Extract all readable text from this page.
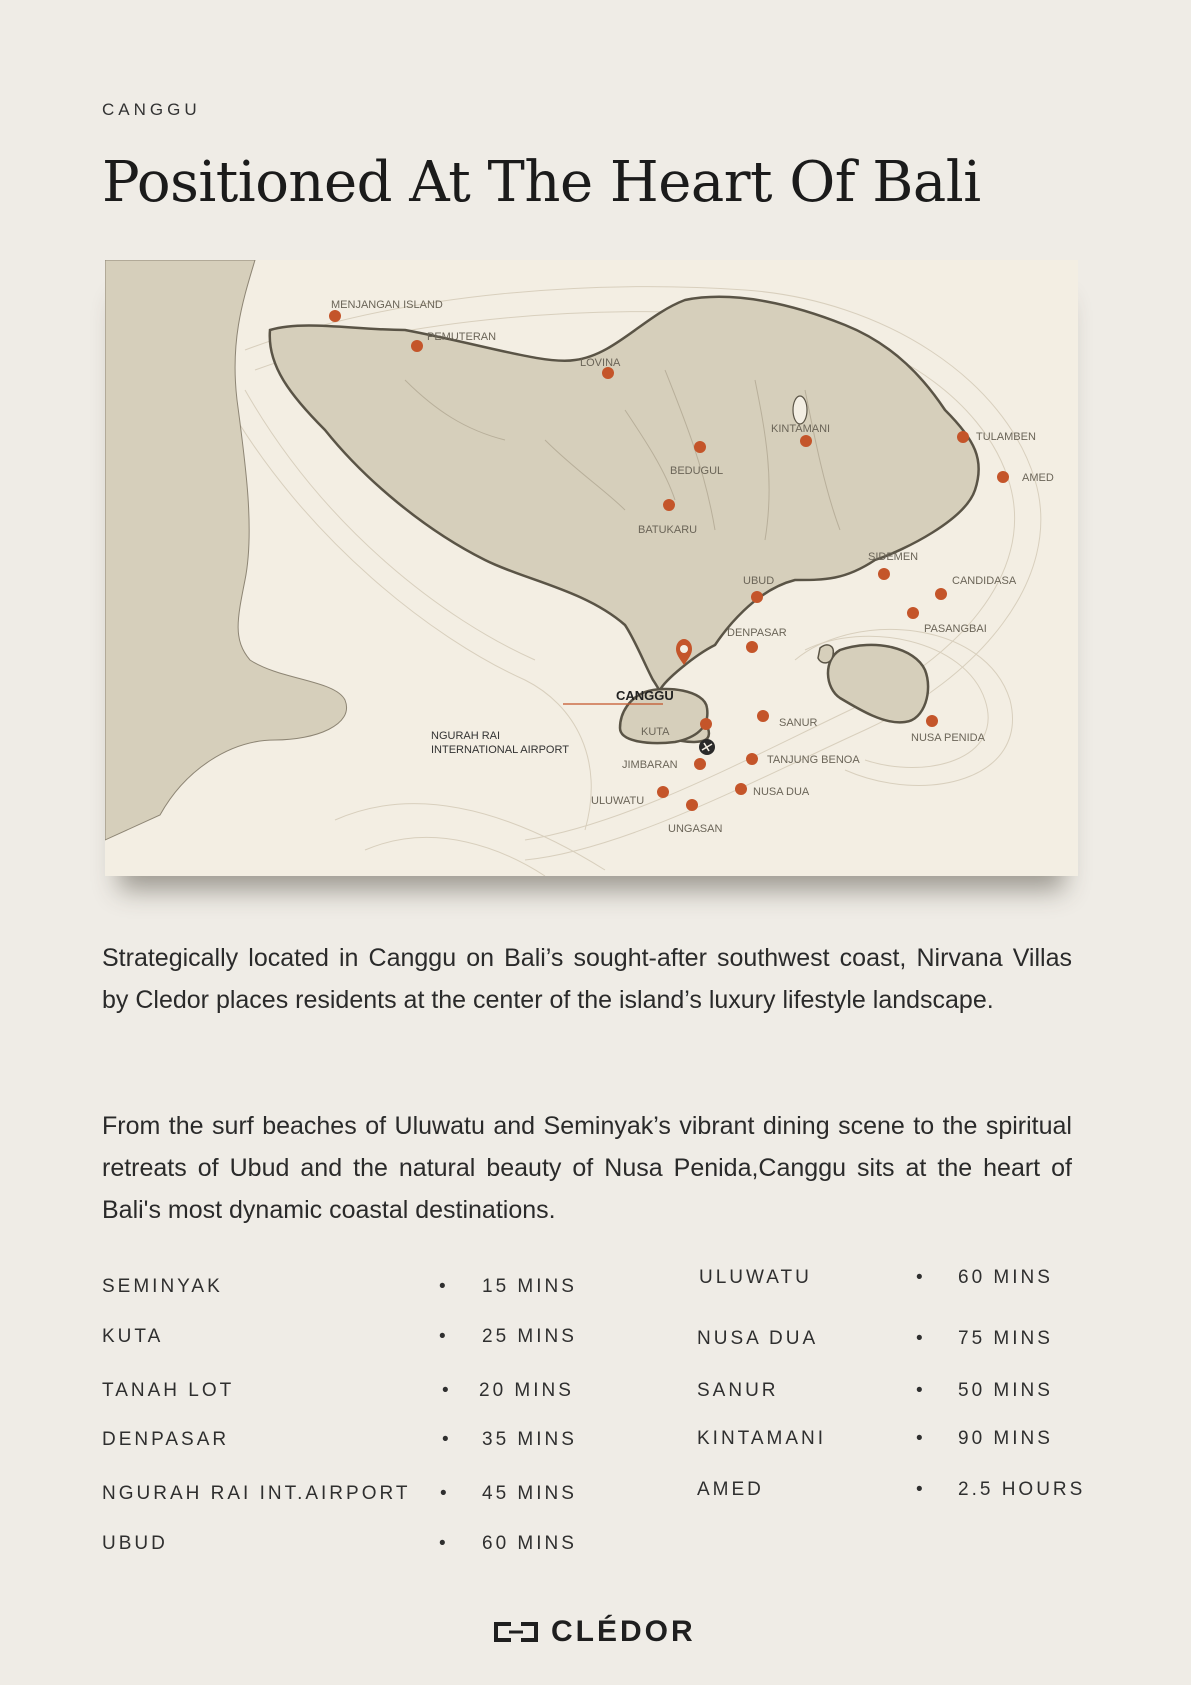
CANGGU
Positioned At The Heart Of Bali
MENJANGAN ISLAND
PEMUTERAN
LOVINA
KINTAMANI
TULAMBEN
AMED
BEDUGUL
BATUKARU
SIDEMEN
CANDIDASA
UBUD
PASANGBAI
DENPASAR
CANGGU
SANUR
KUTA
NGURAH RAI
INTERNATIONAL AIRPORT
JIMBARAN	TANJUNG BENOA
NUSA DUA
ULUWATU
UNGASAN
NUSA PENIDA

Strategically located in Canggu on Bali’s sought-after southwest coast, Nirvana Villas by Cledor places residents at the center of the island’s luxury lifestyle landscape.

From the surf beaches of Uluwatu and Seminyak’s vibrant dining scene to the spiritual retreats of Ubud and the natural beauty of Nusa Penida,Canggu sits at the heart of Bali's most dynamic coastal destinations.

SEMINYAK	• 15 MINS
KUTA	• 25 MINS
TANAH LOT	• 20 MINS
DENPASAR	• 35 MINS
NGURAH RAI INT.AIRPORT • 45 MINS
UBUD	• 60 MINS
ULUWATU	• 60 MINS
NUSA DUA	• 75 MINS
SANUR	• 50 MINS
KINTAMANI	• 90 MINS
AMED	• 2.5 HOURS
CLÉDOR
